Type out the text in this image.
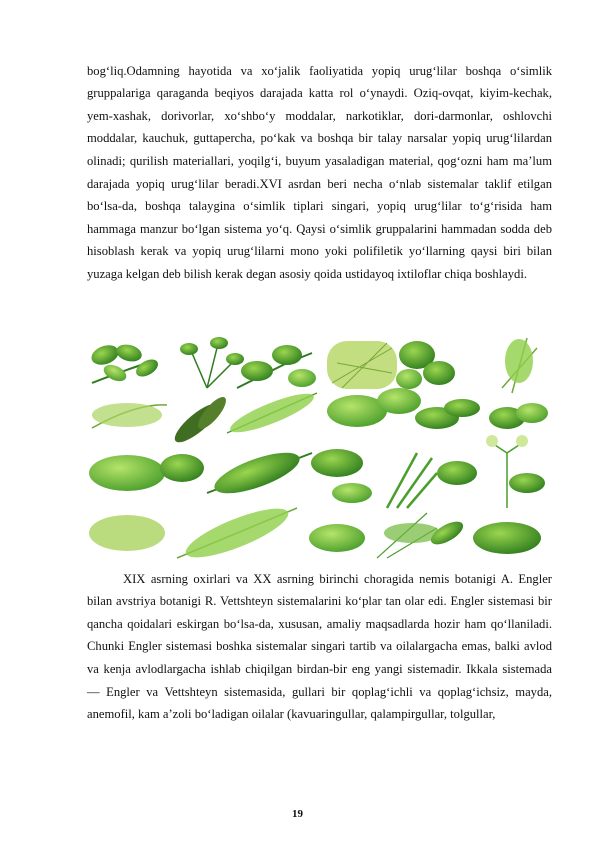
bog‘liq.Odamning hayotida va xo‘jalik faoliyatida yopiq urug‘lilar boshqa o‘simlik gruppalariga qaraganda beqiyos darajada katta rol o‘ynaydi. Oziq-ovqat, kiyim-kechak, yem-xashak, dorivorlar, xo‘shbo‘y moddalar, narkotiklar, dori-darmonlar, oshlovchi moddalar, kauchuk, guttapercha, po‘kak va boshqa bir talay narsalar yopiq urug‘lilardan olinadi; qurilish materiallari, yoqilg‘i, buyum yasaladigan material, qog‘ozni ham ma’lum darajada yopiq urug‘lilar beradi.XVI asrdan beri necha o‘nlab sistemalar taklif etilgan bo‘lsa-da, boshqa talaygina o‘simlik tiplari singari, yopiq urug‘lilar to‘g‘risida ham hammaga manzur bo‘lgan sistema yo‘q. Qaysi o‘simlik gruppalarini hammadan sodda deb hisoblash kerak va yopiq urug‘lilarni mono yoki polifiletik yo‘llarning qaysi biri bilan yuzaga kelgan deb bilish kerak degan asosiy qoida ustidayoq ixtiloflar chiqa boshlaydi.

XIX asrning oxirlari va XX asrning birinchi choragida nemis botanigi A. Engler bilan avstriya botanigi R. Vettshteyn sistemalarini ko‘plar tan olar edi. Engler sistemasi bir qancha qoidalari eskirgan bo‘lsa-da, xususan, amaliy maqsadlarda hozir ham qo‘llaniladi. Chunki Engler sistemasi boshka sistemalar singari tartib va oilalargacha emas, balki avlod va kenja avlodlargacha ishlab chiqilgan birdan-bir eng yangi sistemadir. Ikkala sistemada — Engler va Vettshteyn sistemasida, gullari bir qoplag‘ichli va qoplag‘ichsiz, mayda, anemofil, kam a’zoli bo‘ladigan oilalar (kavuaringullar, qalampirgullar, tolgullar,

19
